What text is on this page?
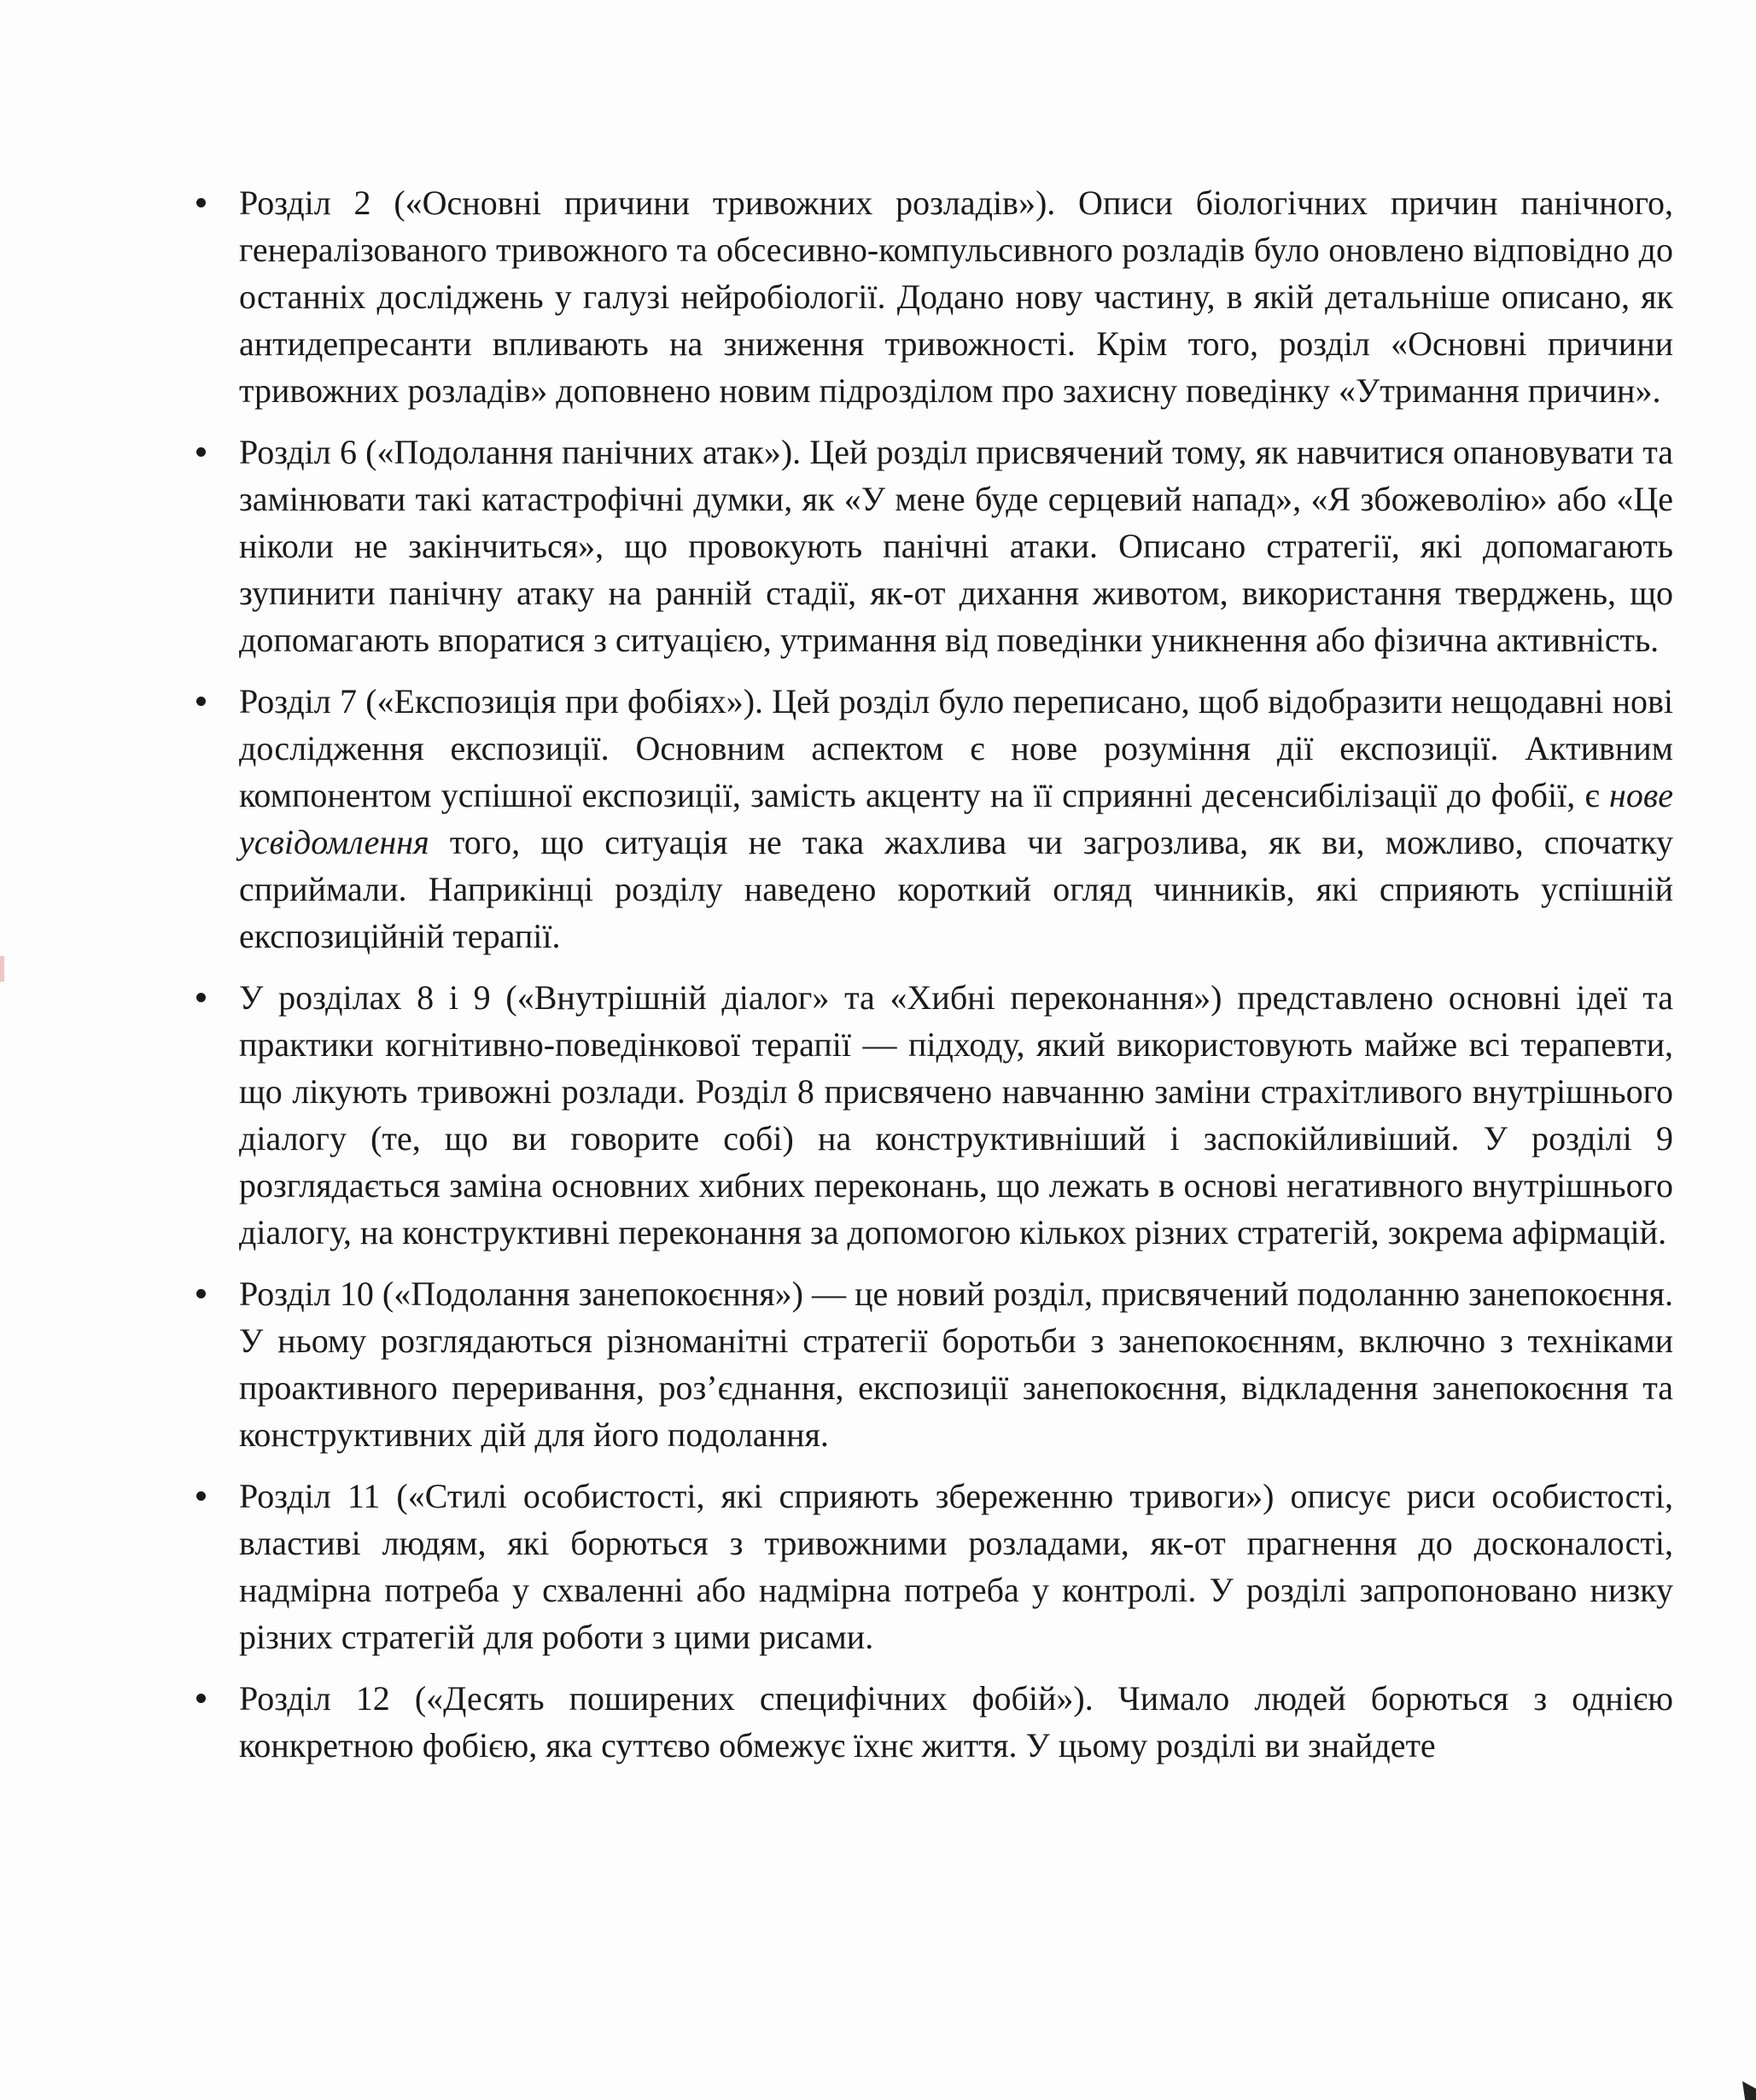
Розділ 2 («Основні причини тривожних розладів»). Описи біологічних причин панічного, генералізованого тривожного та обсесивно-компульсивного розладів було оновлено відповідно до останніх досліджень у галузі нейробіології. Додано нову частину, в якій детальніше описано, як антидепресанти впливають на зниження тривожності. Крім того, розділ «Основні причини тривожних розладів» доповнено новим підрозділом про захисну поведінку «Утримання причин».

Розділ 6 («Подолання панічних атак»). Цей розділ присвячений тому, як навчитися опановувати та замінювати такі катастрофічні думки, як «У мене буде серцевий напад», «Я збожеволію» або «Це ніколи не закінчиться», що провокують панічні атаки. Описано стратегії, які допомагають зупинити панічну атаку на ранній стадії, як-от дихання животом, використання тверджень, що допомагають впоратися з ситуацією, утримання від поведінки уникнення або фізична активність.

Розділ 7 («Експозиція при фобіях»). Цей розділ було переписано, щоб відобразити нещодавні нові дослідження експозиції. Основним аспектом є нове розуміння дії експозиції. Активним компонентом успішної експозиції, замість акценту на її сприянні десенсибілізації до фобії, є нове усвідомлення того, що ситуація не така жахлива чи загрозлива, як ви, можливо, спочатку сприймали. Наприкінці розділу наведено короткий огляд чинників, які сприяють успішній експозиційній терапії.

У розділах 8 і 9 («Внутрішній діалог» та «Хибні переконання») представлено основні ідеї та практики когнітивно-поведінкової терапії — підходу, який використовують майже всі терапевти, що лікують тривожні розлади. Розділ 8 присвячено навчанню заміни страхітливого внутрішнього діалогу (те, що ви говорите собі) на конструктивніший і заспокійливіший. У розділі 9 розглядається заміна основних хибних переконань, що лежать в основі негативного внутрішнього діалогу, на конструктивні переконання за допомогою кількох різних стратегій, зокрема афірмацій.

Розділ 10 («Подолання занепокоєння») — це новий розділ, присвячений подоланню занепокоєння. У ньому розглядаються різноманітні стратегії боротьби з занепокоєнням, включно з техніками проактивного переривання, роз’єднання, експозиції занепокоєння, відкладення занепокоєння та конструктивних дій для його подолання.

Розділ 11 («Стилі особистості, які сприяють збереженню тривоги») описує риси особистості, властиві людям, які борються з тривожними розладами, як-от прагнення до досконалості, надмірна потреба у схваленні або надмірна потреба у контролі. У розділі запропоновано низку різних стратегій для роботи з цими рисами.

Розділ 12 («Десять поширених специфічних фобій»). Чимало людей борються з однією конкретною фобією, яка суттєво обмежує їхнє життя. У цьому розділі ви знайдете
